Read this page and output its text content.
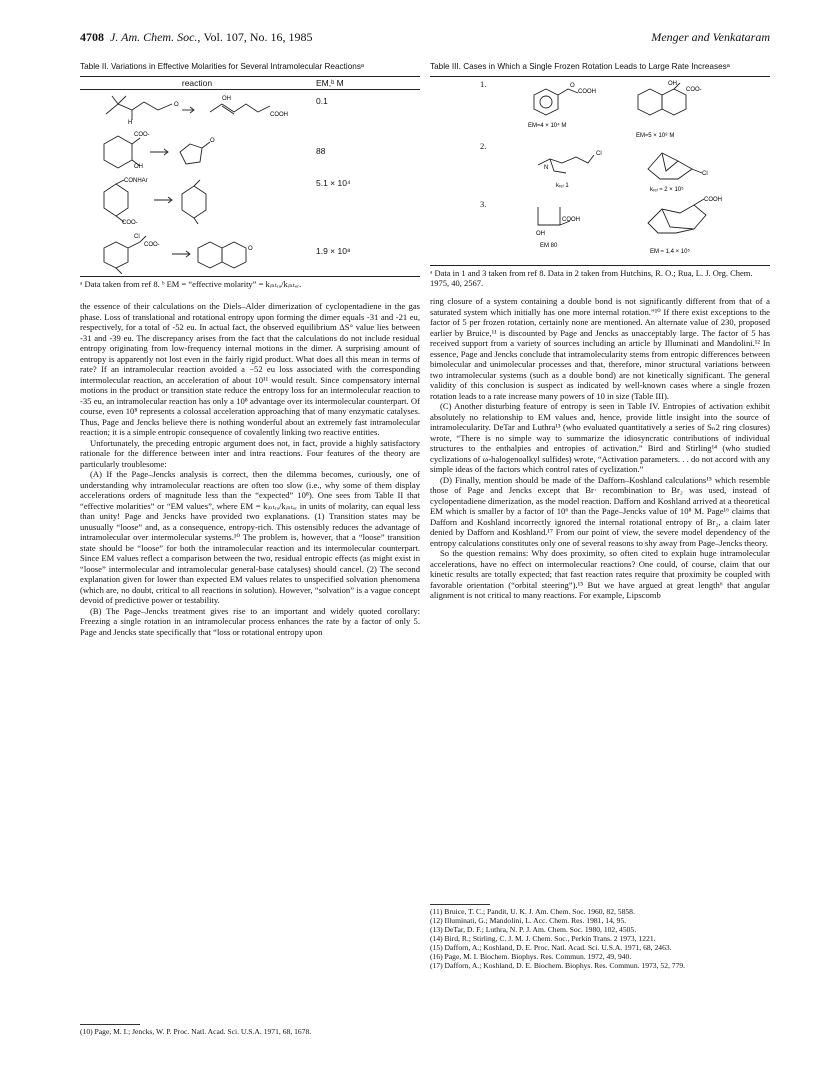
4708 J. Am. Chem. Soc., Vol. 107, No. 16, 1985	Menger and Venkataram
Table II. Variations in Effective Molarities for Several Intramolecular Reactionsᵃ
reaction	EM,ᵇ M

H
O
OH
COOH	0.1

COO-
OH
O	88

CONHAr
COO-	5.1 × 10⁴

Cl
COO-
O	1.9 × 10⁸
ᵃ Data taken from ref 8. ᵇ EM = “effective molarity” = kᵢₙₜᵣₐ/kᵢₙₜₑᵣ.

the essence of their calculations on the Diels–Alder dimerization of cyclopentadiene in the gas phase. Loss of translational and rotational entropy upon forming the dimer equals -31 and -21 eu, respectively, for a total of -52 eu. In actual fact, the observed equilibrium ΔS° value lies between -31 and -39 eu. The discrepancy arises from the fact that the calculations do not include residual entropy originating from low-frequency internal motions in the dimer. A surprising amount of entropy is apparently not lost even in the fairly rigid product. What does all this mean in terms of rate? If an intramolecular reaction avoided a −52 eu loss associated with the corresponding intermolecular reaction, an acceleration of about 10¹¹ would result. Since compensatory internal motions in the product or transition state reduce the entropy loss for an intermolecular reaction to -35 eu, an intramolecular reaction has only a 10⁸ advantage over its intermolecular counterpart. Of course, even 10⁸ represents a colossal acceleration approaching that of many enzymatic catalyses. Thus, Page and Jencks believe there is nothing wonderful about an extremely fast intramolecular reaction; it is a simple entropic consequence of covalently linking two reactive entities.

Unfortunately, the preceding entropic argument does not, in fact, provide a highly satisfactory rationale for the difference between inter and intra reactions. Four features of the theory are particularly troublesome:

(A) If the Page–Jencks analysis is correct, then the dilemma becomes, curiously, one of understanding why intramolecular reactions are often too slow (i.e., why some of them display accelerations orders of magnitude less than the “expected” 10⁸). One sees from Table II that “effective molarities” or “EM values”, where EM = kᵢₙₜᵣₐ/kᵢₙₜₑᵣ in units of molarity, can equal less than unity! Page and Jencks have provided two explanations. (1) Transition states may be unusually “loose” and, as a consequence, entropy-rich. This ostensibly reduces the advantage of intramolecular over intermolecular systems.¹⁰ The problem is, however, that a “loose” transition state should be “loose” for both the intramolecular reaction and its intermolecular counterpart. Since EM values reflect a comparison between the two, residual entropic effects (as might exist in “loose” intermolecular and intramolecular general-base catalyses) should cancel. (2) The second explanation given for lower than expected EM values relates to unspecified solvation phenomena (which are, no doubt, critical to all reactions in solution). However, “solvation” is a vague concept devoid of predictive power or testability.

(B) The Page–Jencks treatment gives rise to an important and widely quoted corollary: Freezing a single rotation in an intramolecular process enhances the rate by a factor of only 5. Page and Jencks state specifically that “loss or rotational entropy upon

(10) Page, M. I.; Jencks, W. P. Proc. Natl. Acad. Sci. U.S.A. 1971, 68, 1678.
Table III. Cases in Which a Single Frozen Rotation Leads to Large Rate Increasesᵃ
1.	O
COOH
EM≈4 × 10⁴ M
OH
COO-
EM≈5 × 10⁸ M
2.
N
Cl
kᵣₑₗ 1
Cl
kᵣₑₗ ≈ 2 × 10⁵
3.
OH
COOH
EM 80
COOH
EM ≈ 1.4 × 10⁵
ᵃ Data in 1 and 3 taken from ref 8. Data in 2 taken from Hutchins, R. O.; Rua, L. J. Org. Chem. 1975, 40, 2567.

ring closure of a system containing a double bond is not significantly different from that of a saturated system which initially has one more internal rotation.”¹⁰ If there exist exceptions to the factor of 5 per frozen rotation, certainly none are mentioned. An alternate value of 230, proposed earlier by Bruice,¹¹ is discounted by Page and Jencks as unacceptably large. The factor of 5 has received support from a variety of sources including an article by Illuminati and Mandolini.¹² In essence, Page and Jencks conclude that intramolecularity stems from entropic differences between bimolecular and unimolecular processes and that, therefore, minor structural variations between two intramolecular systems (such as a double bond) are not kinetically significant. The general validity of this conclusion is suspect as indicated by well-known cases where a single frozen rotation leads to a rate increase many powers of 10 in size (Table III).

(C) Another disturbing feature of entropy is seen in Table IV. Entropies of activation exhibit absolutely no relationship to EM values and, hence, provide little insight into the source of intramolecularity. DeTar and Luthra¹³ (who evaluated quantitatively a series of Sₙ2 ring closures) wrote, “There is no simple way to summarize the idiosyncratic contributions of individual structures to the enthalpies and entropies of activation.” Bird and Stirling¹⁴ (who studied cyclizations of ω-halogenoalkyl sulfides) wrote, “Activation parameters. . . do not accord with any simple ideas of the factors which control rates of cyclization.”

(D) Finally, mention should be made of the Dafforn–Koshland calculations¹⁵ which resemble those of Page and Jencks except that Br· recombination to Br₂ was used, instead of cyclopentadiene dimerization, as the model reaction. Dafforn and Koshland arrived at a theoretical EM which is smaller by a factor of 10⁶ than the Page–Jencks value of 10⁸ M. Page¹⁶ claims that Dafforn and Koshland incorrectly ignored the internal rotational entropy of Br₂, a claim later denied by Dafforn and Koshland.¹⁷ From our point of view, the severe model dependency of the entropy calculations constitutes only one of several reasons to shy away from Page–Jencks theory.

So the question remains: Why does proximity, so often cited to explain huge intramolecular accelerations, have no effect on intermolecular reactions? One could, of course, claim that our kinetic results are totally expected; that fast reaction rates require that proximity be coupled with favorable orientation (“orbital steering”).¹⁵ But we have argued at great length⁶ that angular alignment is not critical to many reactions. For example, Lipscomb

(11) Bruice, T. C.; Pandit, U. K. J. Am. Chem. Soc. 1960, 82, 5858.
(12) Illuminati, G.; Mandolini, L. Acc. Chem. Res. 1981, 14, 95.
(13) DeTar, D. F.; Luthra, N. P. J. Am. Chem. Soc. 1980, 102, 4505.
(14) Bird, R.; Stirling, C. J. M. J. Chem. Soc., Perkin Trans. 2 1973, 1221.
(15) Dafforn, A.; Koshland, D. E. Proc. Natl. Acad. Sci. U.S.A. 1971, 68, 2463.
(16) Page, M. I. Biochem. Biophys. Res. Commun. 1972, 49, 940.
(17) Dafforn, A.; Koshland, D. E. Biochem. Biophys. Res. Commun. 1973, 52, 779.
